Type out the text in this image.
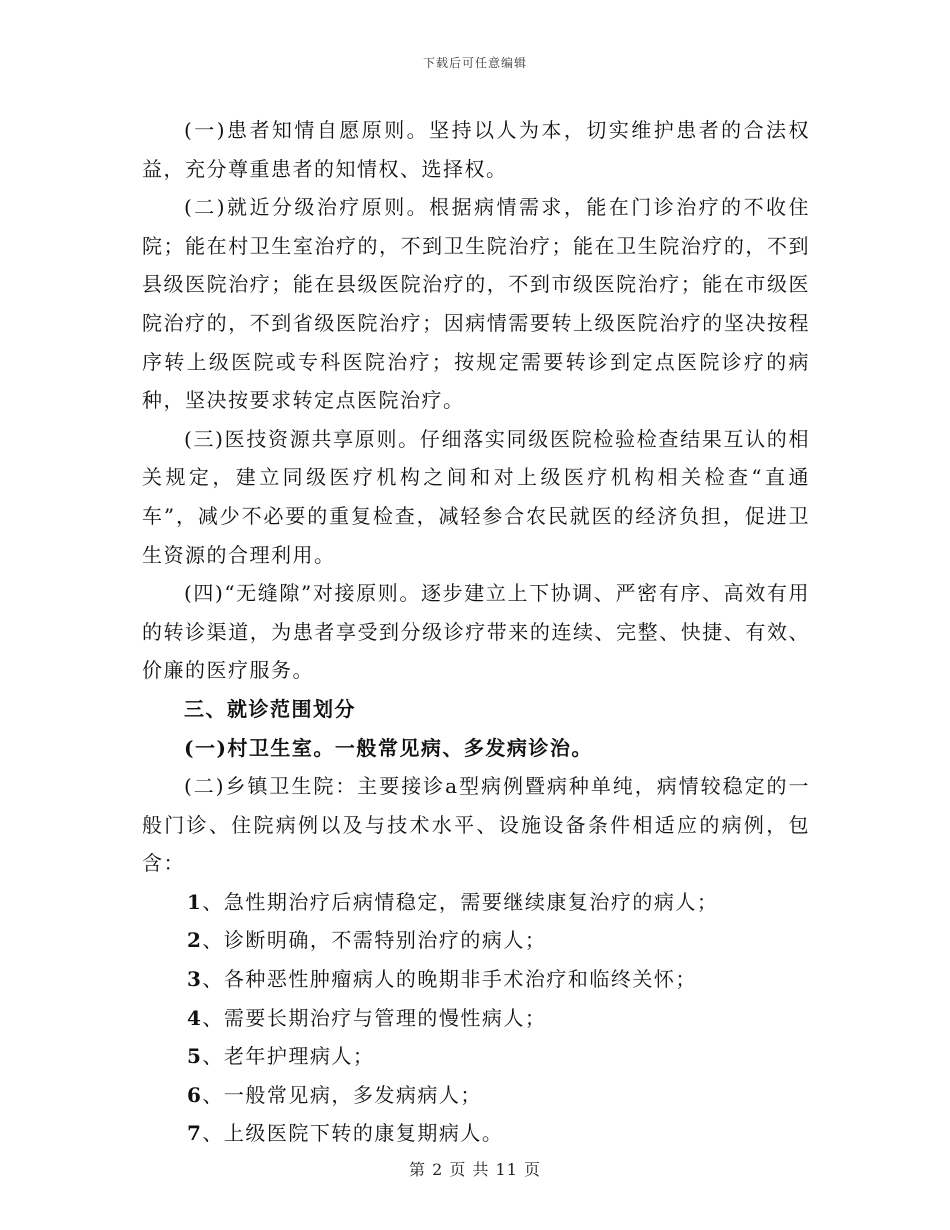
下载后可任意编辑

(一)患者知情自愿原则。坚持以人为本，切实维护患者的合法权益，充分尊重患者的知情权、选择权。

(二)就近分级治疗原则。根据病情需求，能在门诊治疗的不收住院；能在村卫生室治疗的，不到卫生院治疗；能在卫生院治疗的，不到县级医院治疗；能在县级医院治疗的，不到市级医院治疗；能在市级医院治疗的，不到省级医院治疗；因病情需要转上级医院治疗的坚决按程序转上级医院或专科医院治疗；按规定需要转诊到定点医院诊疗的病种，坚决按要求转定点医院治疗。

(三)医技资源共享原则。仔细落实同级医院检验检查结果互认的相关规定，建立同级医疗机构之间和对上级医疗机构相关检查“直通车”，减少不必要的重复检查，减轻参合农民就医的经济负担，促进卫生资源的合理利用。

(四)“无缝隙”对接原则。逐步建立上下协调、严密有序、高效有用的转诊渠道，为患者享受到分级诊疗带来的连续、完整、快捷、有效、价廉的医疗服务。

三、就诊范围划分

(一)村卫生室。一般常见病、多发病诊治。

(二)乡镇卫生院：主要接诊a型病例暨病种单纯，病情较稳定的一般门诊、住院病例以及与技术水平、设施设备条件相适应的病例，包含：

1、急性期治疗后病情稳定，需要继续康复治疗的病人；

2、诊断明确，不需特别治疗的病人；

3、各种恶性肿瘤病人的晚期非手术治疗和临终关怀；

4、需要长期治疗与管理的慢性病人；

5、老年护理病人；

6、一般常见病，多发病病人；

7、上级医院下转的康复期病人。

第 2 页 共 11 页
